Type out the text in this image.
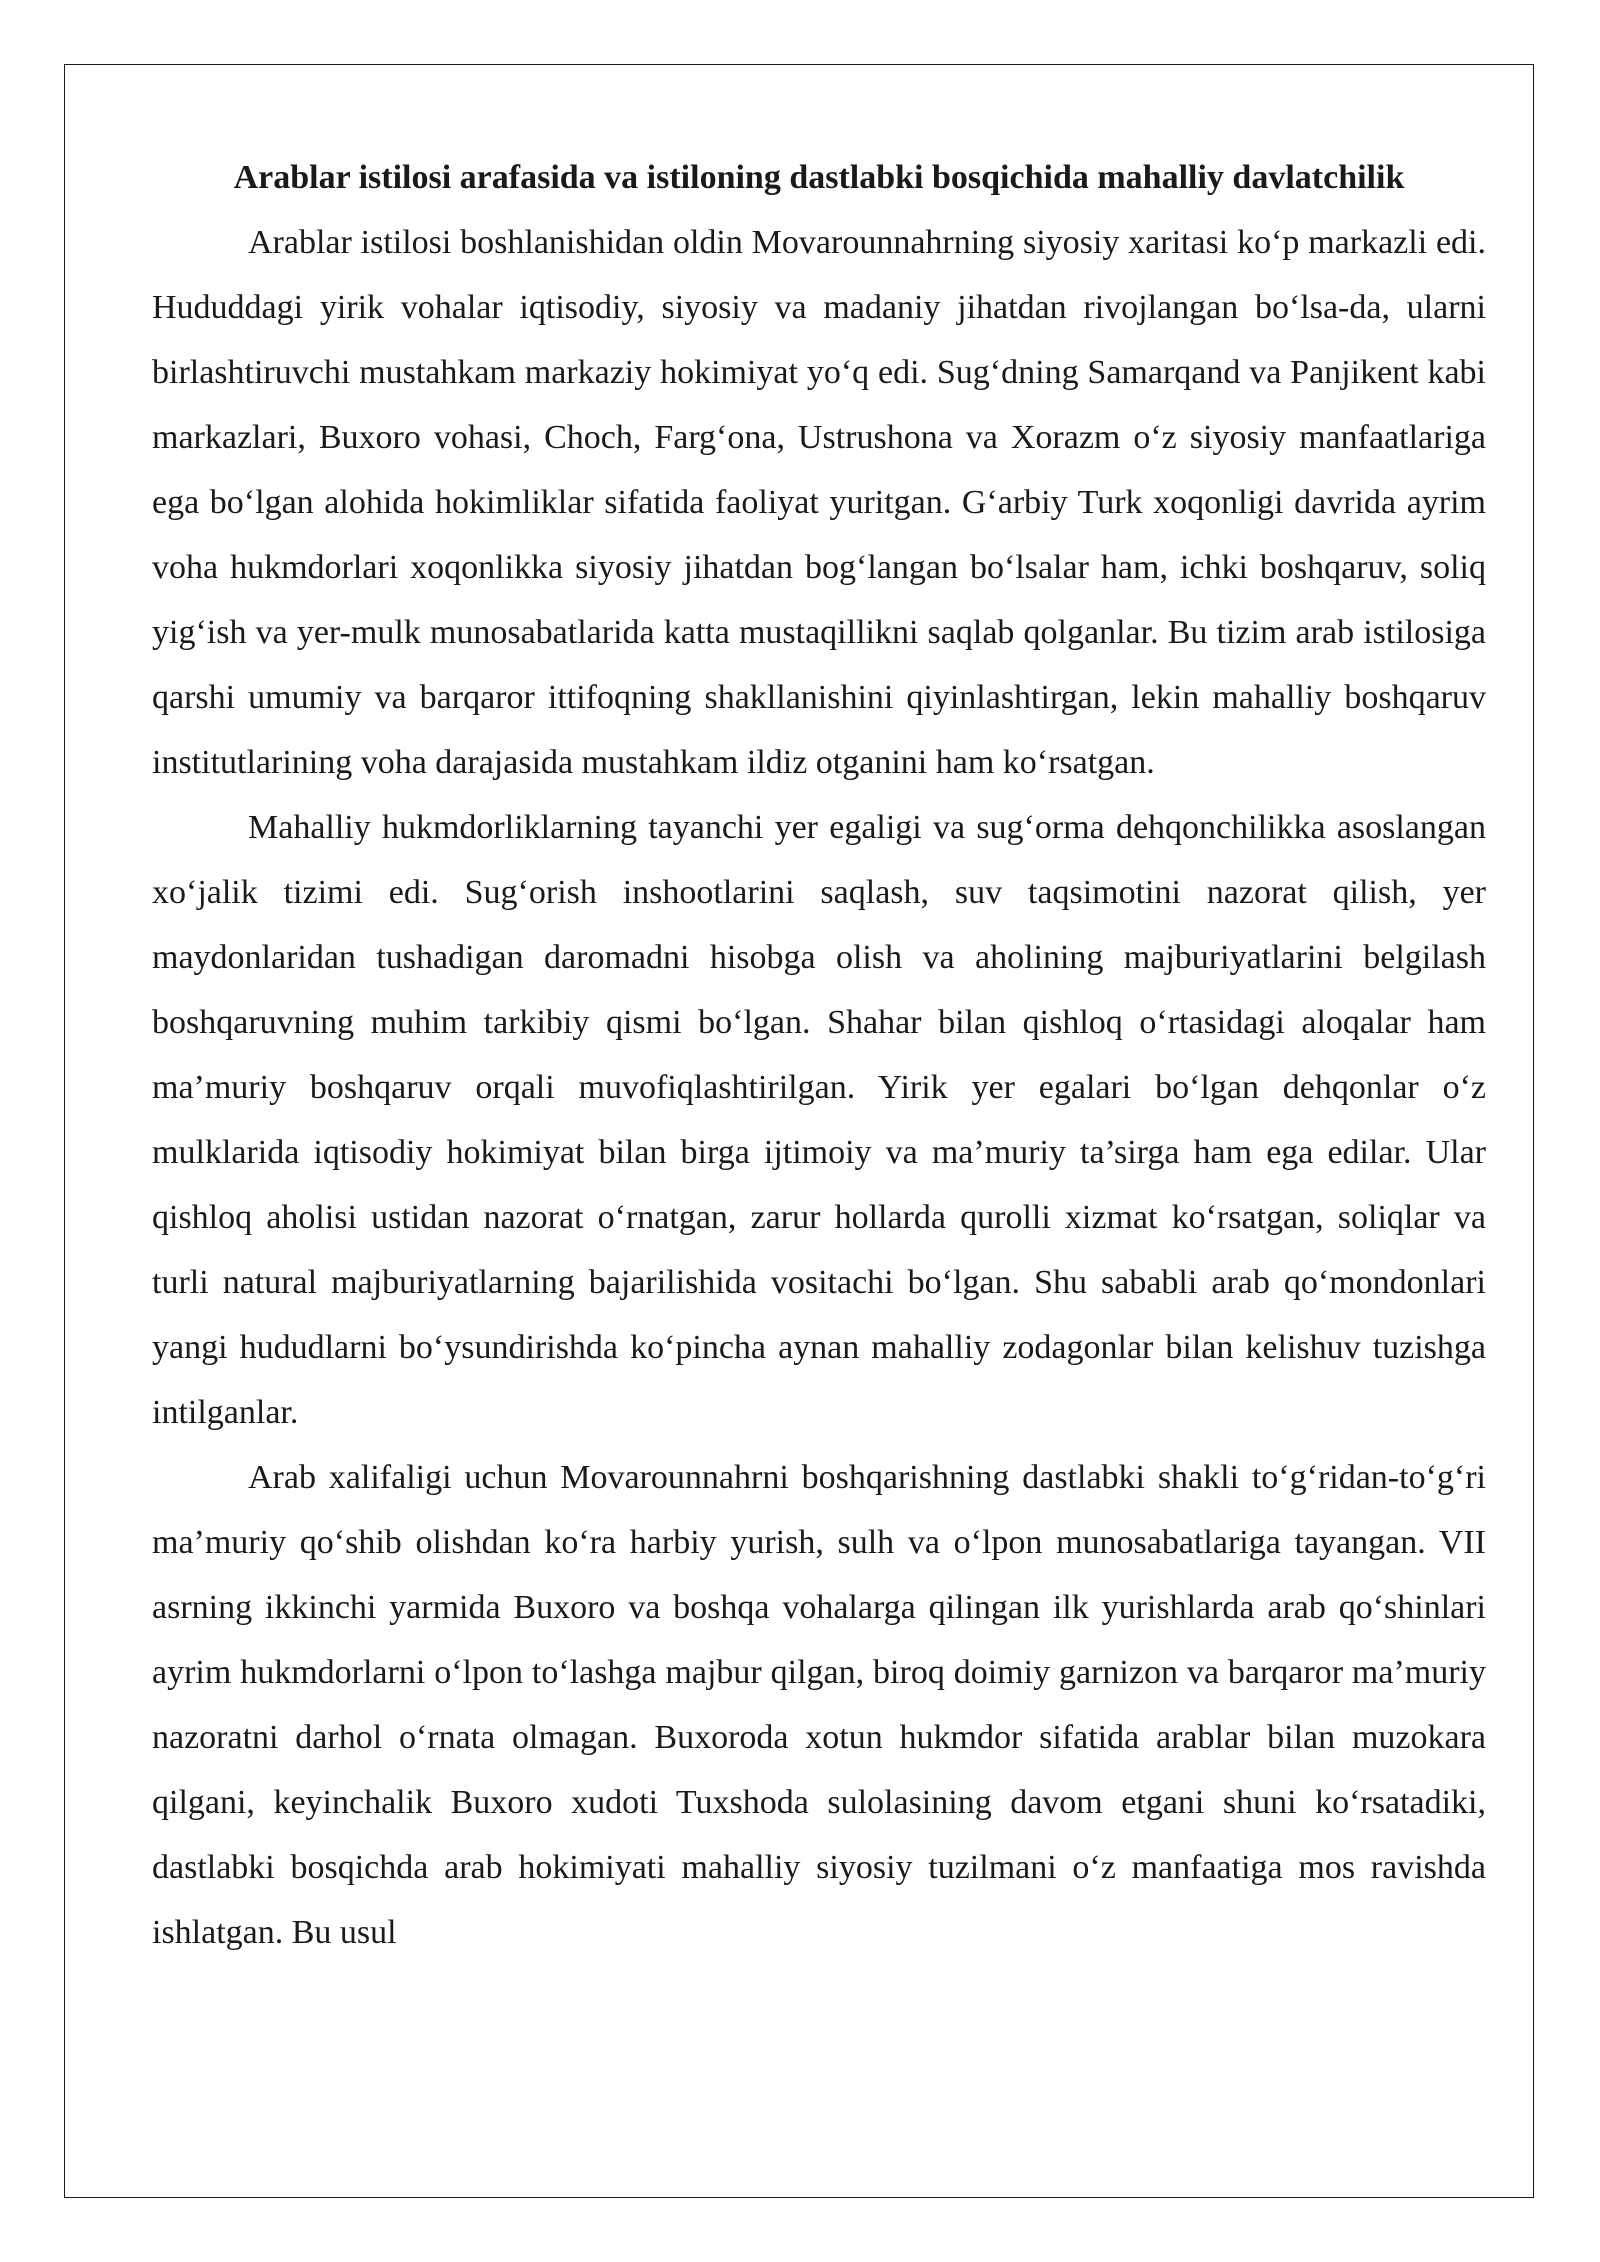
Arablar istilosi arafasida va istiloning dastlabki bosqichida mahalliy davlatchilik

Arablar istilosi boshlanishidan oldin Movarounnahrning siyosiy xaritasi ko‘p markazli edi. Hududdagi yirik vohalar iqtisodiy, siyosiy va madaniy jihatdan rivojlangan bo‘lsa-da, ularni birlashtiruvchi mustahkam markaziy hokimiyat yo‘q edi. Sug‘dning Samarqand va Panjikent kabi markazlari, Buxoro vohasi, Choch, Farg‘ona, Ustrushona va Xorazm o‘z siyosiy manfaatlariga ega bo‘lgan alohida hokimliklar sifatida faoliyat yuritgan. G‘arbiy Turk xoqonligi davrida ayrim voha hukmdorlari xoqonlikka siyosiy jihatdan bog‘langan bo‘lsalar ham, ichki boshqaruv, soliq yig‘ish va yer-mulk munosabatlarida katta mustaqillikni saqlab qolganlar. Bu tizim arab istilosiga qarshi umumiy va barqaror ittifoqning shakllanishini qiyinlashtirgan, lekin mahalliy boshqaruv institutlarining voha darajasida mustahkam ildiz otganini ham ko‘rsatgan.

Mahalliy hukmdorliklarning tayanchi yer egaligi va sug‘orma dehqonchilikka asoslangan xo‘jalik tizimi edi. Sug‘orish inshootlarini saqlash, suv taqsimotini nazorat qilish, yer maydonlaridan tushadigan daromadni hisobga olish va aholining majburiyatlarini belgilash boshqaruvning muhim tarkibiy qismi bo‘lgan. Shahar bilan qishloq o‘rtasidagi aloqalar ham ma’muriy boshqaruv orqali muvofiqlashtirilgan. Yirik yer egalari bo‘lgan dehqonlar o‘z mulklarida iqtisodiy hokimiyat bilan birga ijtimoiy va ma’muriy ta’sirga ham ega edilar. Ular qishloq aholisi ustidan nazorat o‘rnatgan, zarur hollarda qurolli xizmat ko‘rsatgan, soliqlar va turli natural majburiyatlarning bajarilishida vositachi bo‘lgan. Shu sababli arab qo‘mondonlari yangi hududlarni bo‘ysundirishda ko‘pincha aynan mahalliy zodagonlar bilan kelishuv tuzishga intilganlar.

Arab xalifaligi uchun Movarounnahrni boshqarishning dastlabki shakli to‘g‘ridan-to‘g‘ri ma’muriy qo‘shib olishdan ko‘ra harbiy yurish, sulh va o‘lpon munosabatlariga tayangan. VII asrning ikkinchi yarmida Buxoro va boshqa vohalarga qilingan ilk yurishlarda arab qo‘shinlari ayrim hukmdorlarni o‘lpon to‘lashga majbur qilgan, biroq doimiy garnizon va barqaror ma’muriy nazoratni darhol o‘rnata olmagan. Buxoroda xotun hukmdor sifatida arablar bilan muzokara qilgani, keyinchalik Buxoro xudoti Tuxshoda sulolasining davom etgani shuni ko‘rsatadiki, dastlabki bosqichda arab hokimiyati mahalliy siyosiy tuzilmani o‘z manfaatiga mos ravishda ishlatgan. Bu usul
